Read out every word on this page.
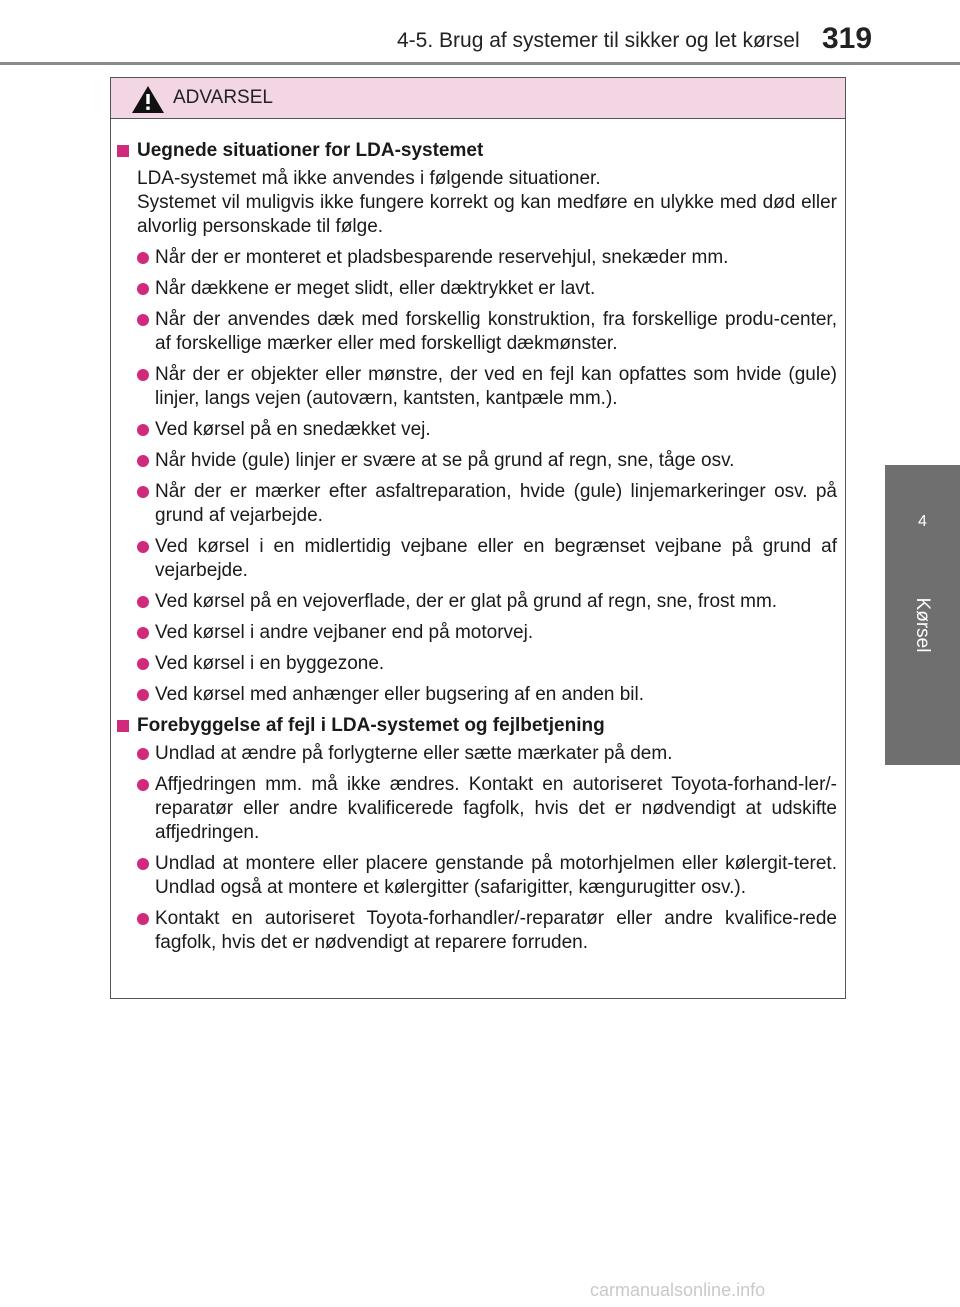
4-5. Brug af systemer til sikker og let kørsel 319
4
Kørsel
ADVARSEL
Uegnede situationer for LDA-systemet

LDA-systemet må ikke anvendes i følgende situationer.

Systemet vil muligvis ikke fungere korrekt og kan medføre en ulykke med død eller alvorlig personskade til følge.

Når der er monteret et pladsbesparende reservehjul, snekæder mm.
Når dækkene er meget slidt, eller dæktrykket er lavt.
Når der anvendes dæk med forskellig konstruktion, fra forskellige produ-center, af forskellige mærker eller med forskelligt dækmønster.
Når der er objekter eller mønstre, der ved en fejl kan opfattes som hvide (gule) linjer, langs vejen (autoværn, kantsten, kantpæle mm.).
Ved kørsel på en snedækket vej.
Når hvide (gule) linjer er svære at se på grund af regn, sne, tåge osv.
Når der er mærker efter asfaltreparation, hvide (gule) linjemarkeringer osv. på grund af vejarbejde.
Ved kørsel i en midlertidig vejbane eller en begrænset vejbane på grund af vejarbejde.
Ved kørsel på en vejoverflade, der er glat på grund af regn, sne, frost mm.
Ved kørsel i andre vejbaner end på motorvej.
Ved kørsel i en byggezone.
Ved kørsel med anhænger eller bugsering af en anden bil.
Forebyggelse af fejl i LDA-systemet og fejlbetjening
Undlad at ændre på forlygterne eller sætte mærkater på dem.
Affjedringen mm. må ikke ændres. Kontakt en autoriseret Toyota-forhand-ler/-reparatør eller andre kvalificerede fagfolk, hvis det er nødvendigt at udskifte affjedringen.
Undlad at montere eller placere genstande på motorhjelmen eller kølergit-teret. Undlad også at montere et kølergitter (safarigitter, kængurugitter osv.).
Kontakt en autoriseret Toyota-forhandler/-reparatør eller andre kvalifice-rede fagfolk, hvis det er nødvendigt at reparere forruden.
carmanualsonline.info
